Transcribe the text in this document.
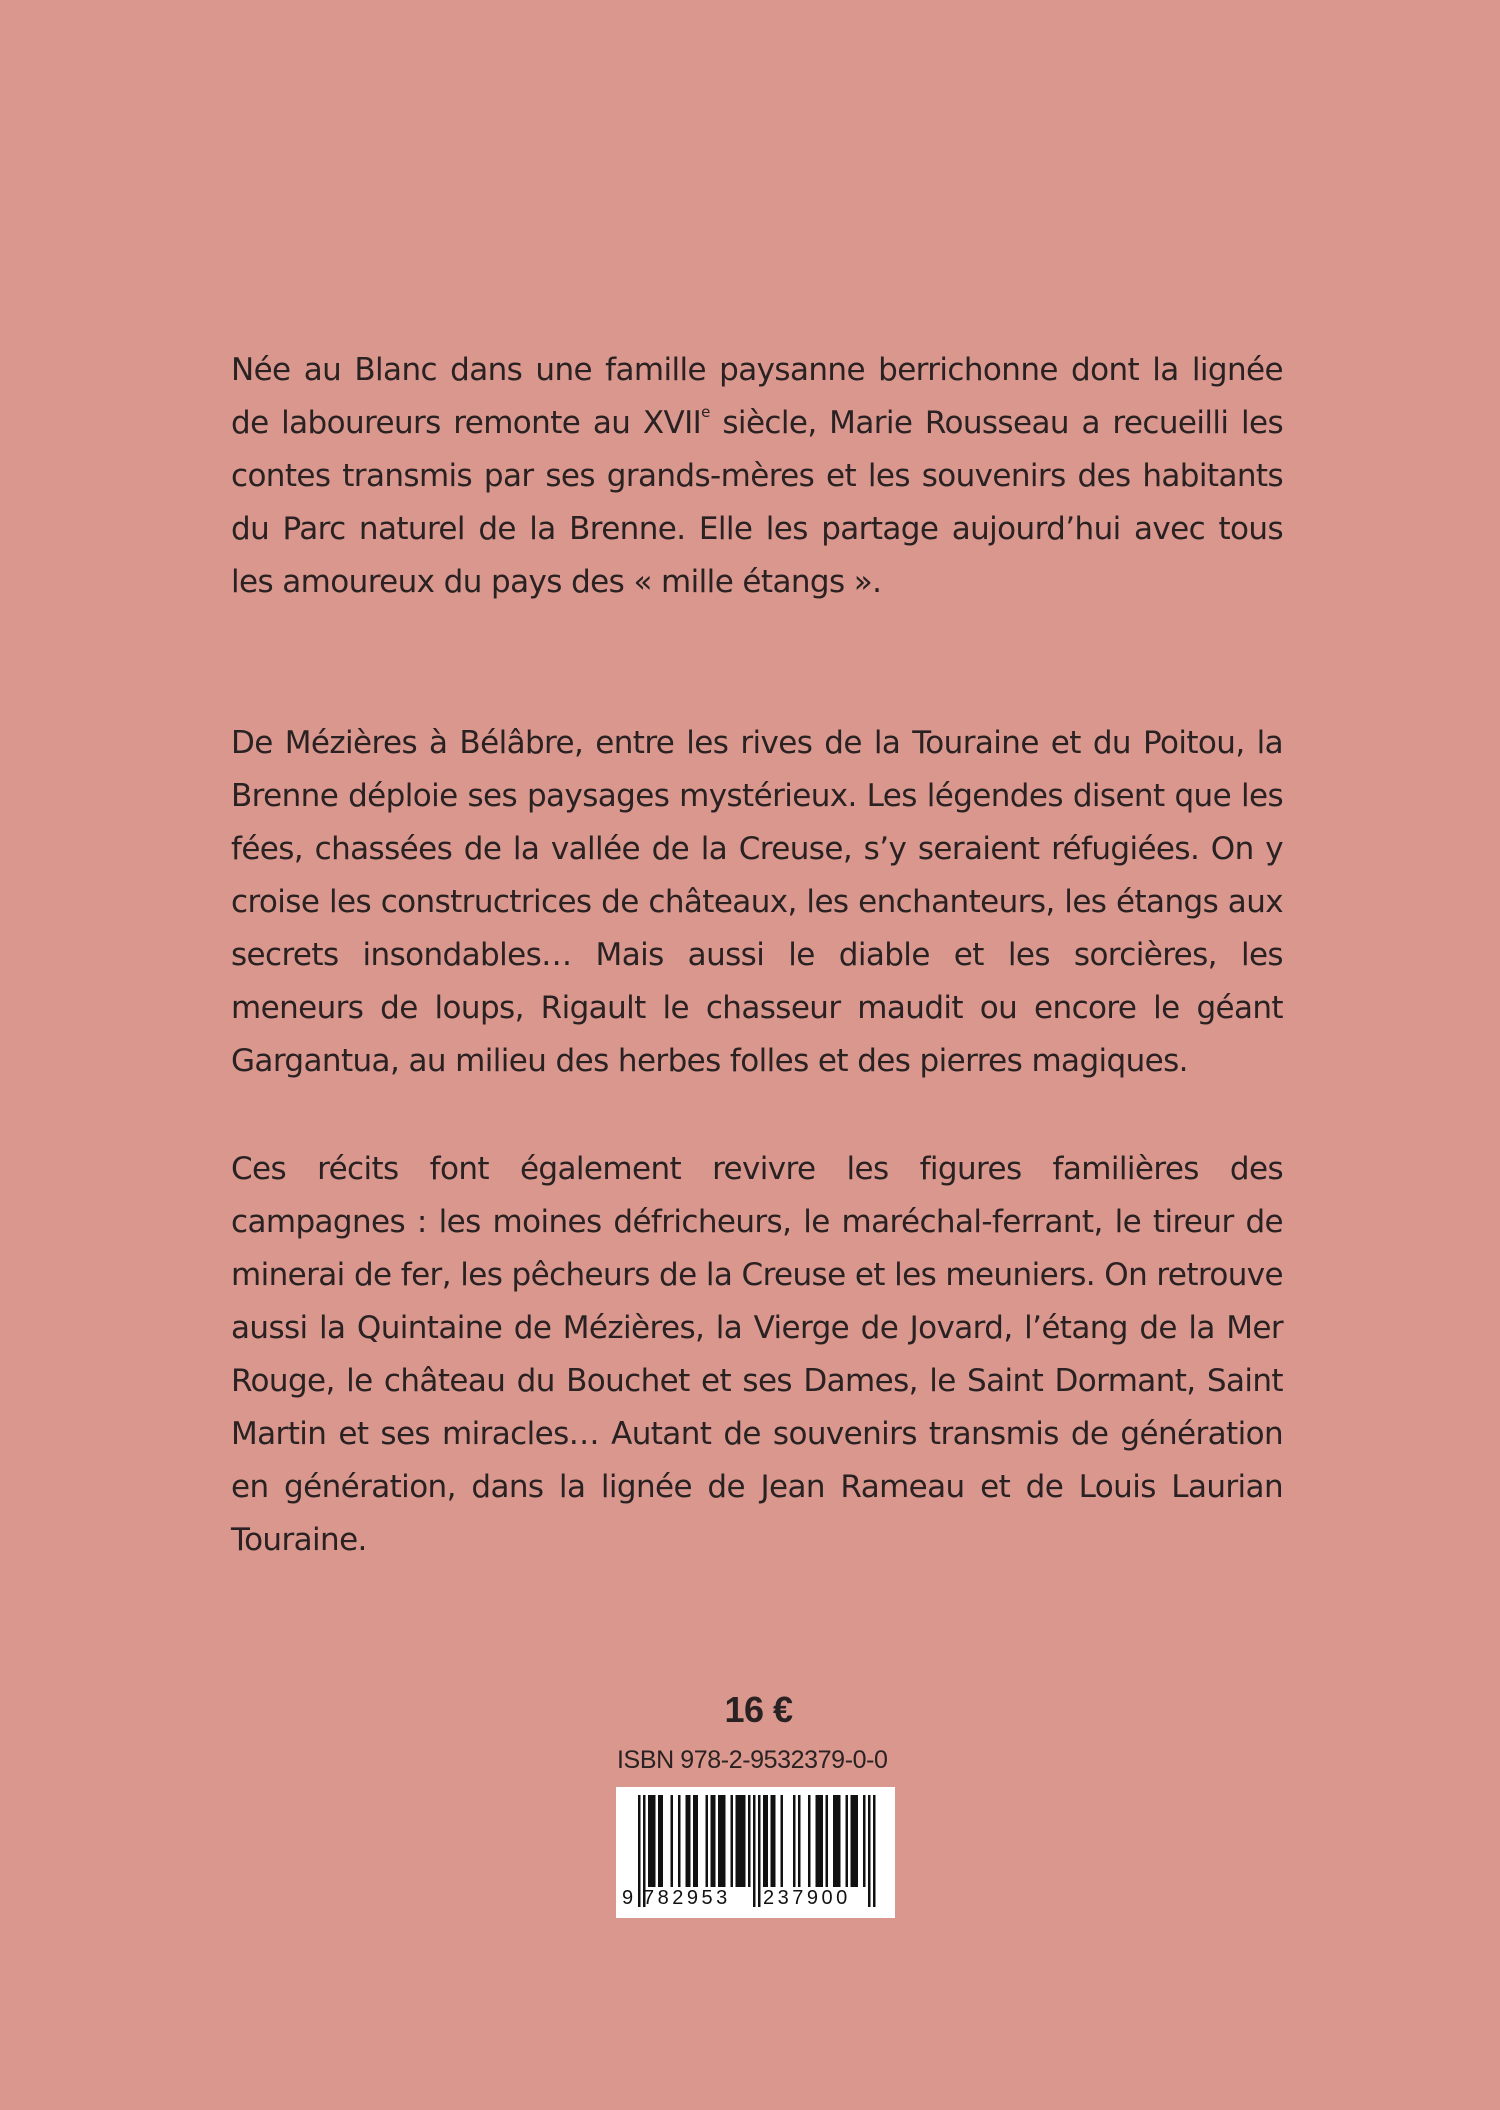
Née au Blanc dans une famille paysanne berrichonne dont la lignée de laboureurs remonte au XVIIe siècle, Marie Rousseau a recueilli les contes transmis par ses grands-mères et les souvenirs des habitants du Parc naturel de la Brenne. Elle les partage aujourd’hui avec tous les amoureux du pays des « mille étangs ».

De Mézières à Bélâbre, entre les rives de la Touraine et du Poitou, la Brenne déploie ses paysages mystérieux. Les légendes disent que les fées, chassées de la vallée de la Creuse, s’y seraient réfugiées. On y croise les constructrices de châteaux, les enchanteurs, les étangs aux secrets insondables… Mais aussi le diable et les sorcières, les meneurs de loups, Rigault le chasseur maudit ou encore le géant Gargantua, au milieu des herbes folles et des pierres magiques.

Ces récits font également revivre les figures familières des campagnes : les moines défricheurs, le maréchal-ferrant, le tireur de minerai de fer, les pêcheurs de la Creuse et les meuniers. On retrouve aussi la Quintaine de Mézières, la Vierge de Jovard, l’étang de la Mer Rouge, le château du Bouchet et ses Dames, le Saint Dormant, Saint Martin et ses miracles… Autant de souvenirs transmis de génération en génération, dans la lignée de Jean Rameau et de Louis Laurian Touraine.

16 €
ISBN 978-2-9532379-0-0
9 782953 237900
